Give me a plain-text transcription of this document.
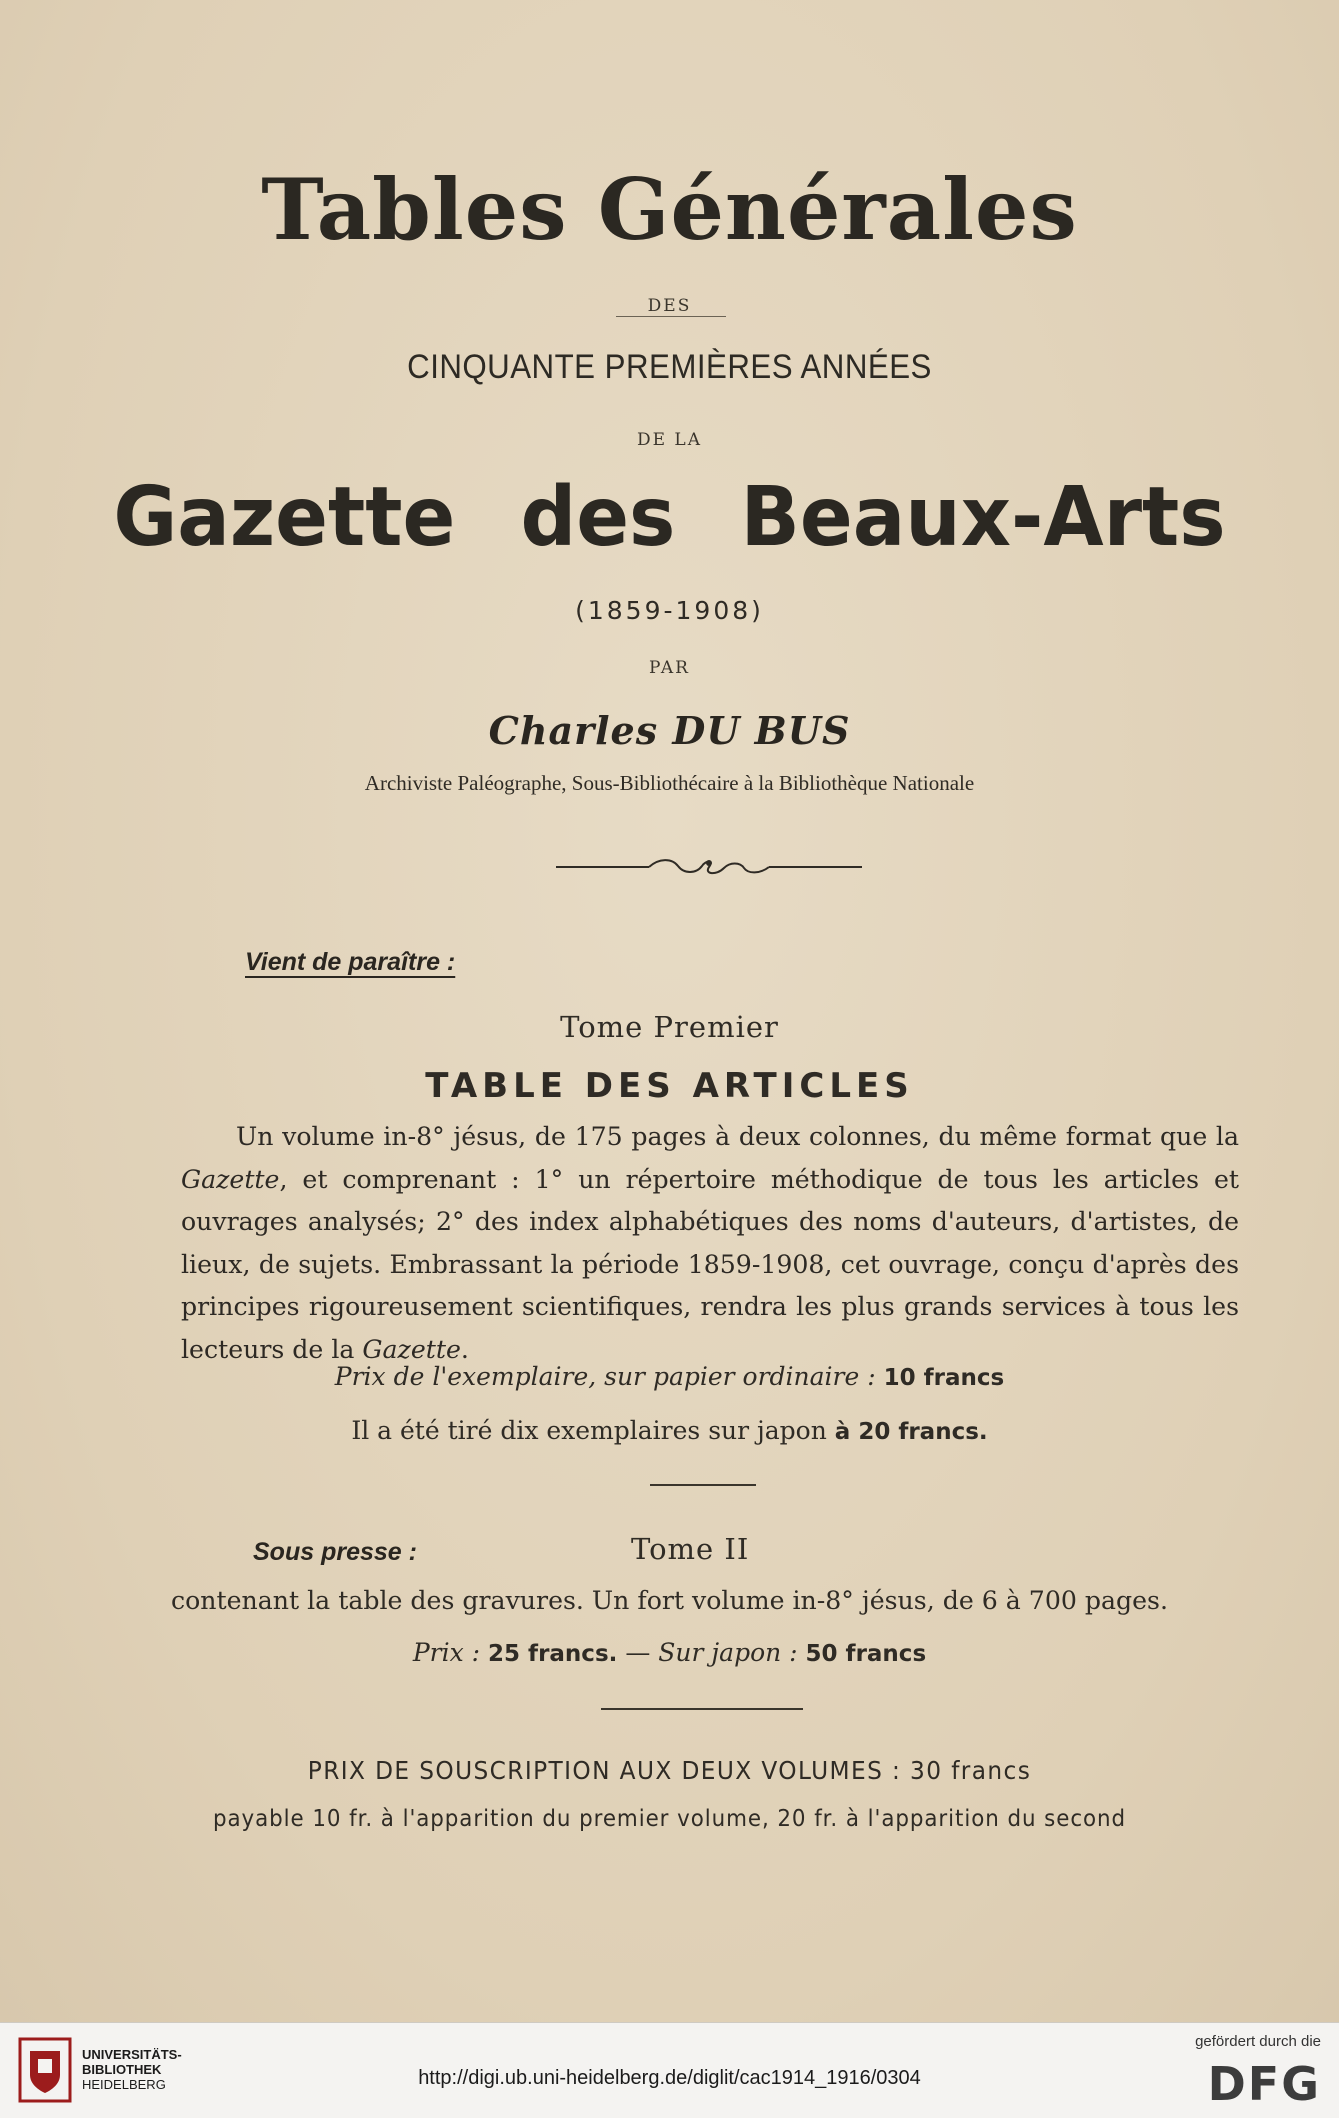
Tables Générales
DES
CINQUANTE PREMIÈRES ANNÉES
DE LA
Gazette des Beaux-Arts
(1859-1908)
PAR
Charles DU BUS
Archiviste Paléographe, Sous-Bibliothécaire à la Bibliothèque Nationale
Vient de paraître :
Tome Premier
TABLE DES ARTICLES

Un volume in-8° jésus, de 175 pages à deux colonnes, du même format que la Gazette, et comprenant : 1° un répertoire méthodique de tous les articles et ouvrages analysés; 2° des index alphabétiques des noms d'auteurs, d'artistes, de lieux, de sujets. Embrassant la période 1859-1908, cet ouvrage, conçu d'après des principes rigoureusement scientifiques, rendra les plus grands services à tous les lecteurs de la Gazette.

Prix de l'exemplaire, sur papier ordinaire : 10 francs
Il a été tiré dix exemplaires sur japon à 20 francs.
Sous presse :	Tome II
contenant la table des gravures. Un fort volume in-8° jésus, de 6 à 700 pages.
Prix : 25 francs. — Sur japon : 50 francs
PRIX DE SOUSCRIPTION AUX DEUX VOLUMES : 30 francs
payable 10 fr. à l'apparition du premier volume, 20 fr. à l'apparition du second
UNIVERSITÄTS-
BIBLIOTHEK
HEIDELBERG	http://digi.ub.uni-heidelberg.de/diglit/cac1914_1916/0304
gefördert durch die
DFG
